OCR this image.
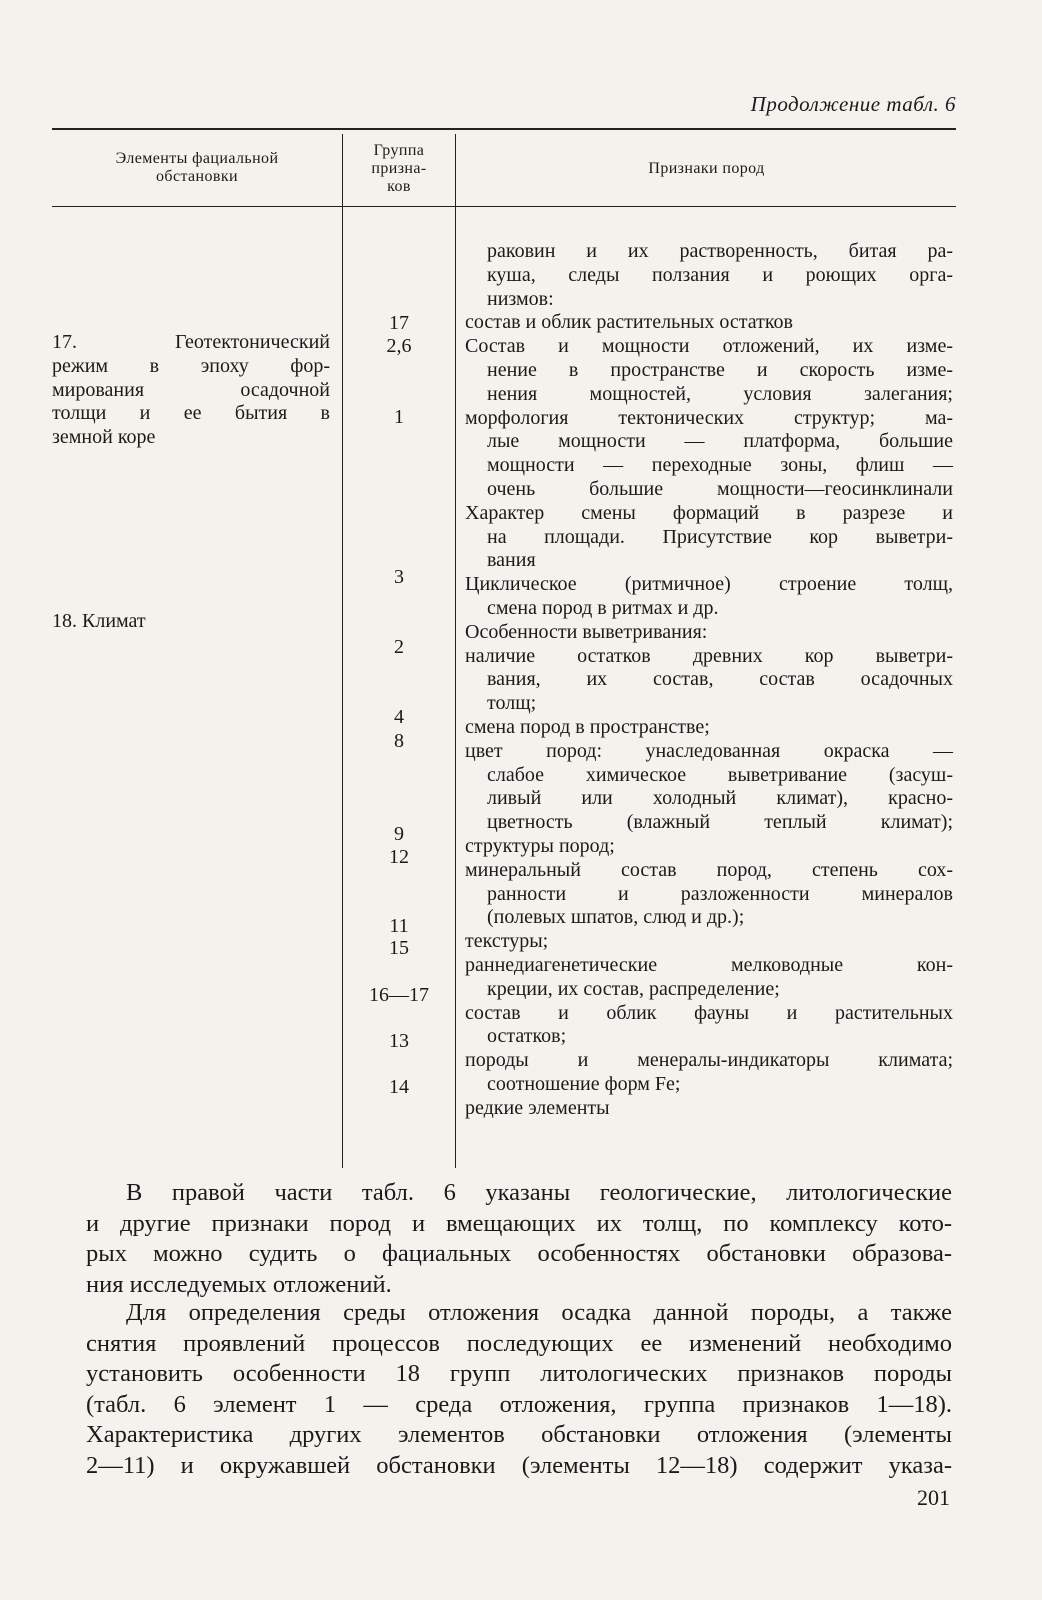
Продолжение табл. 6
Элементы фациальной
обстановки
Группа
призна-
ков
Признаки пород
17. Геотектонический
режим в эпоху фор-
мирования осадочной
толщи и ее бытия в
земной коре
18. Климат
17
2,6
1
3
2
4
8
9
12
11
15
16—17
13
14
раковин и их растворенность, битая ра-
куша, следы ползания и роющих орга-
низмов:
состав и облик растительных остатков
Состав и мощности отложений, их изме-
нение в пространстве и скорость изме-
нения мощностей, условия залегания;
морфология тектонических структур; ма-
лые мощности — платформа, большие
мощности — переходные зоны, флиш —
очень большие мощности—геосинклинали
Характер смены формаций в разрезе и
на площади. Присутствие кор выветри-
вания
Циклическое (ритмичное) строение толщ,
смена пород в ритмах и др.
Особенности выветривания:
наличие остатков древних кор выветри-
вания, их состав, состав осадочных
толщ;
смена пород в пространстве;
цвет пород: унаследованная окраска —
слабое химическое выветривание (засуш-
ливый или холодный климат), красно-
цветность (влажный теплый климат);
структуры пород;
минеральный состав пород, степень сох-
ранности и разложенности минералов
(полевых шпатов, слюд и др.);
текстуры;
раннедиагенетические мелководные кон-
креции, их состав, распределение;
состав и облик фауны и растительных
остатков;
породы и менералы-индикаторы климата;
соотношение форм Fe;
редкие элементы
В правой части табл. 6 указаны геологические, литологические
и другие признаки пород и вмещающих их толщ, по комплексу кото-
рых можно судить о фациальных особенностях обстановки образова-
ния исследуемых отложений.
Для определения среды отложения осадка данной породы, а также
снятия проявлений процессов последующих ее изменений необходимо
установить особенности 18 групп литологических признаков породы
(табл. 6 элемент 1 — среда отложения, группа признаков 1—18).
Характеристика других элементов обстановки отложения (элементы
2—11) и окружавшей обстановки (элементы 12—18) содержит указа-
201
